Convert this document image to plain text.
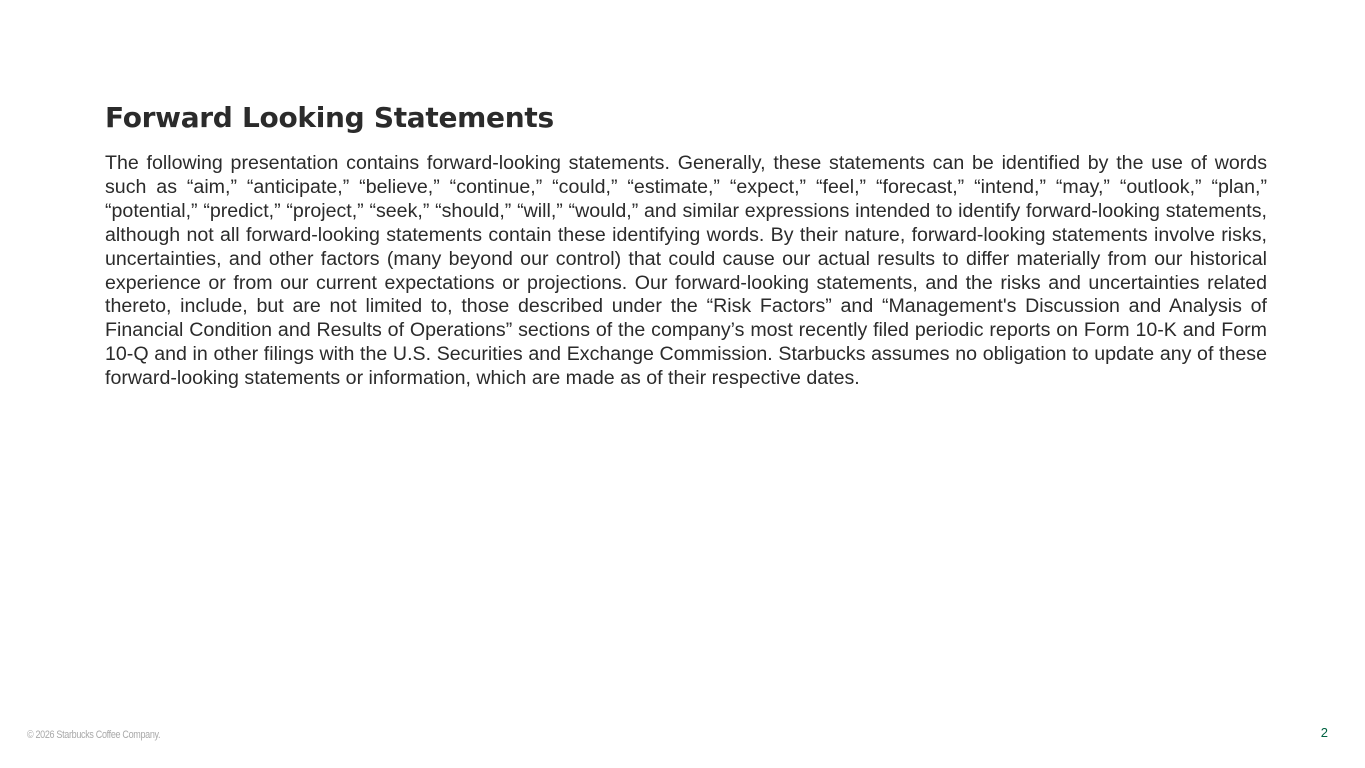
Forward Looking Statements

The following presentation contains forward-looking statements. Generally, these statements can be identified by the use of words such as “aim,” “anticipate,” “believe,” “continue,” “could,” “estimate,” “expect,” “feel,” “forecast,” “intend,” “may,” “outlook,” “plan,” “potential,” “predict,” “project,” “seek,” “should,” “will,” “would,” and similar expressions intended to identify forward-looking statements, although not all forward-looking statements contain these identifying words. By their nature, forward-looking statements involve risks, uncertainties, and other factors (many beyond our control) that could cause our actual results to differ materially from our historical experience or from our current expectations or projections. Our forward-looking statements, and the risks and uncertainties related thereto, include, but are not limited to, those described under the “Risk Factors” and “Management's Discussion and Analysis of Financial Condition and Results of Operations” sections of the company’s most recently filed periodic reports on Form 10-K and Form 10-Q and in other filings with the U.S. Securities and Exchange Commission. Starbucks assumes no obligation to update any of these forward-looking statements or information, which are made as of their respective dates.

© 2026 Starbucks Coffee Company.	2
